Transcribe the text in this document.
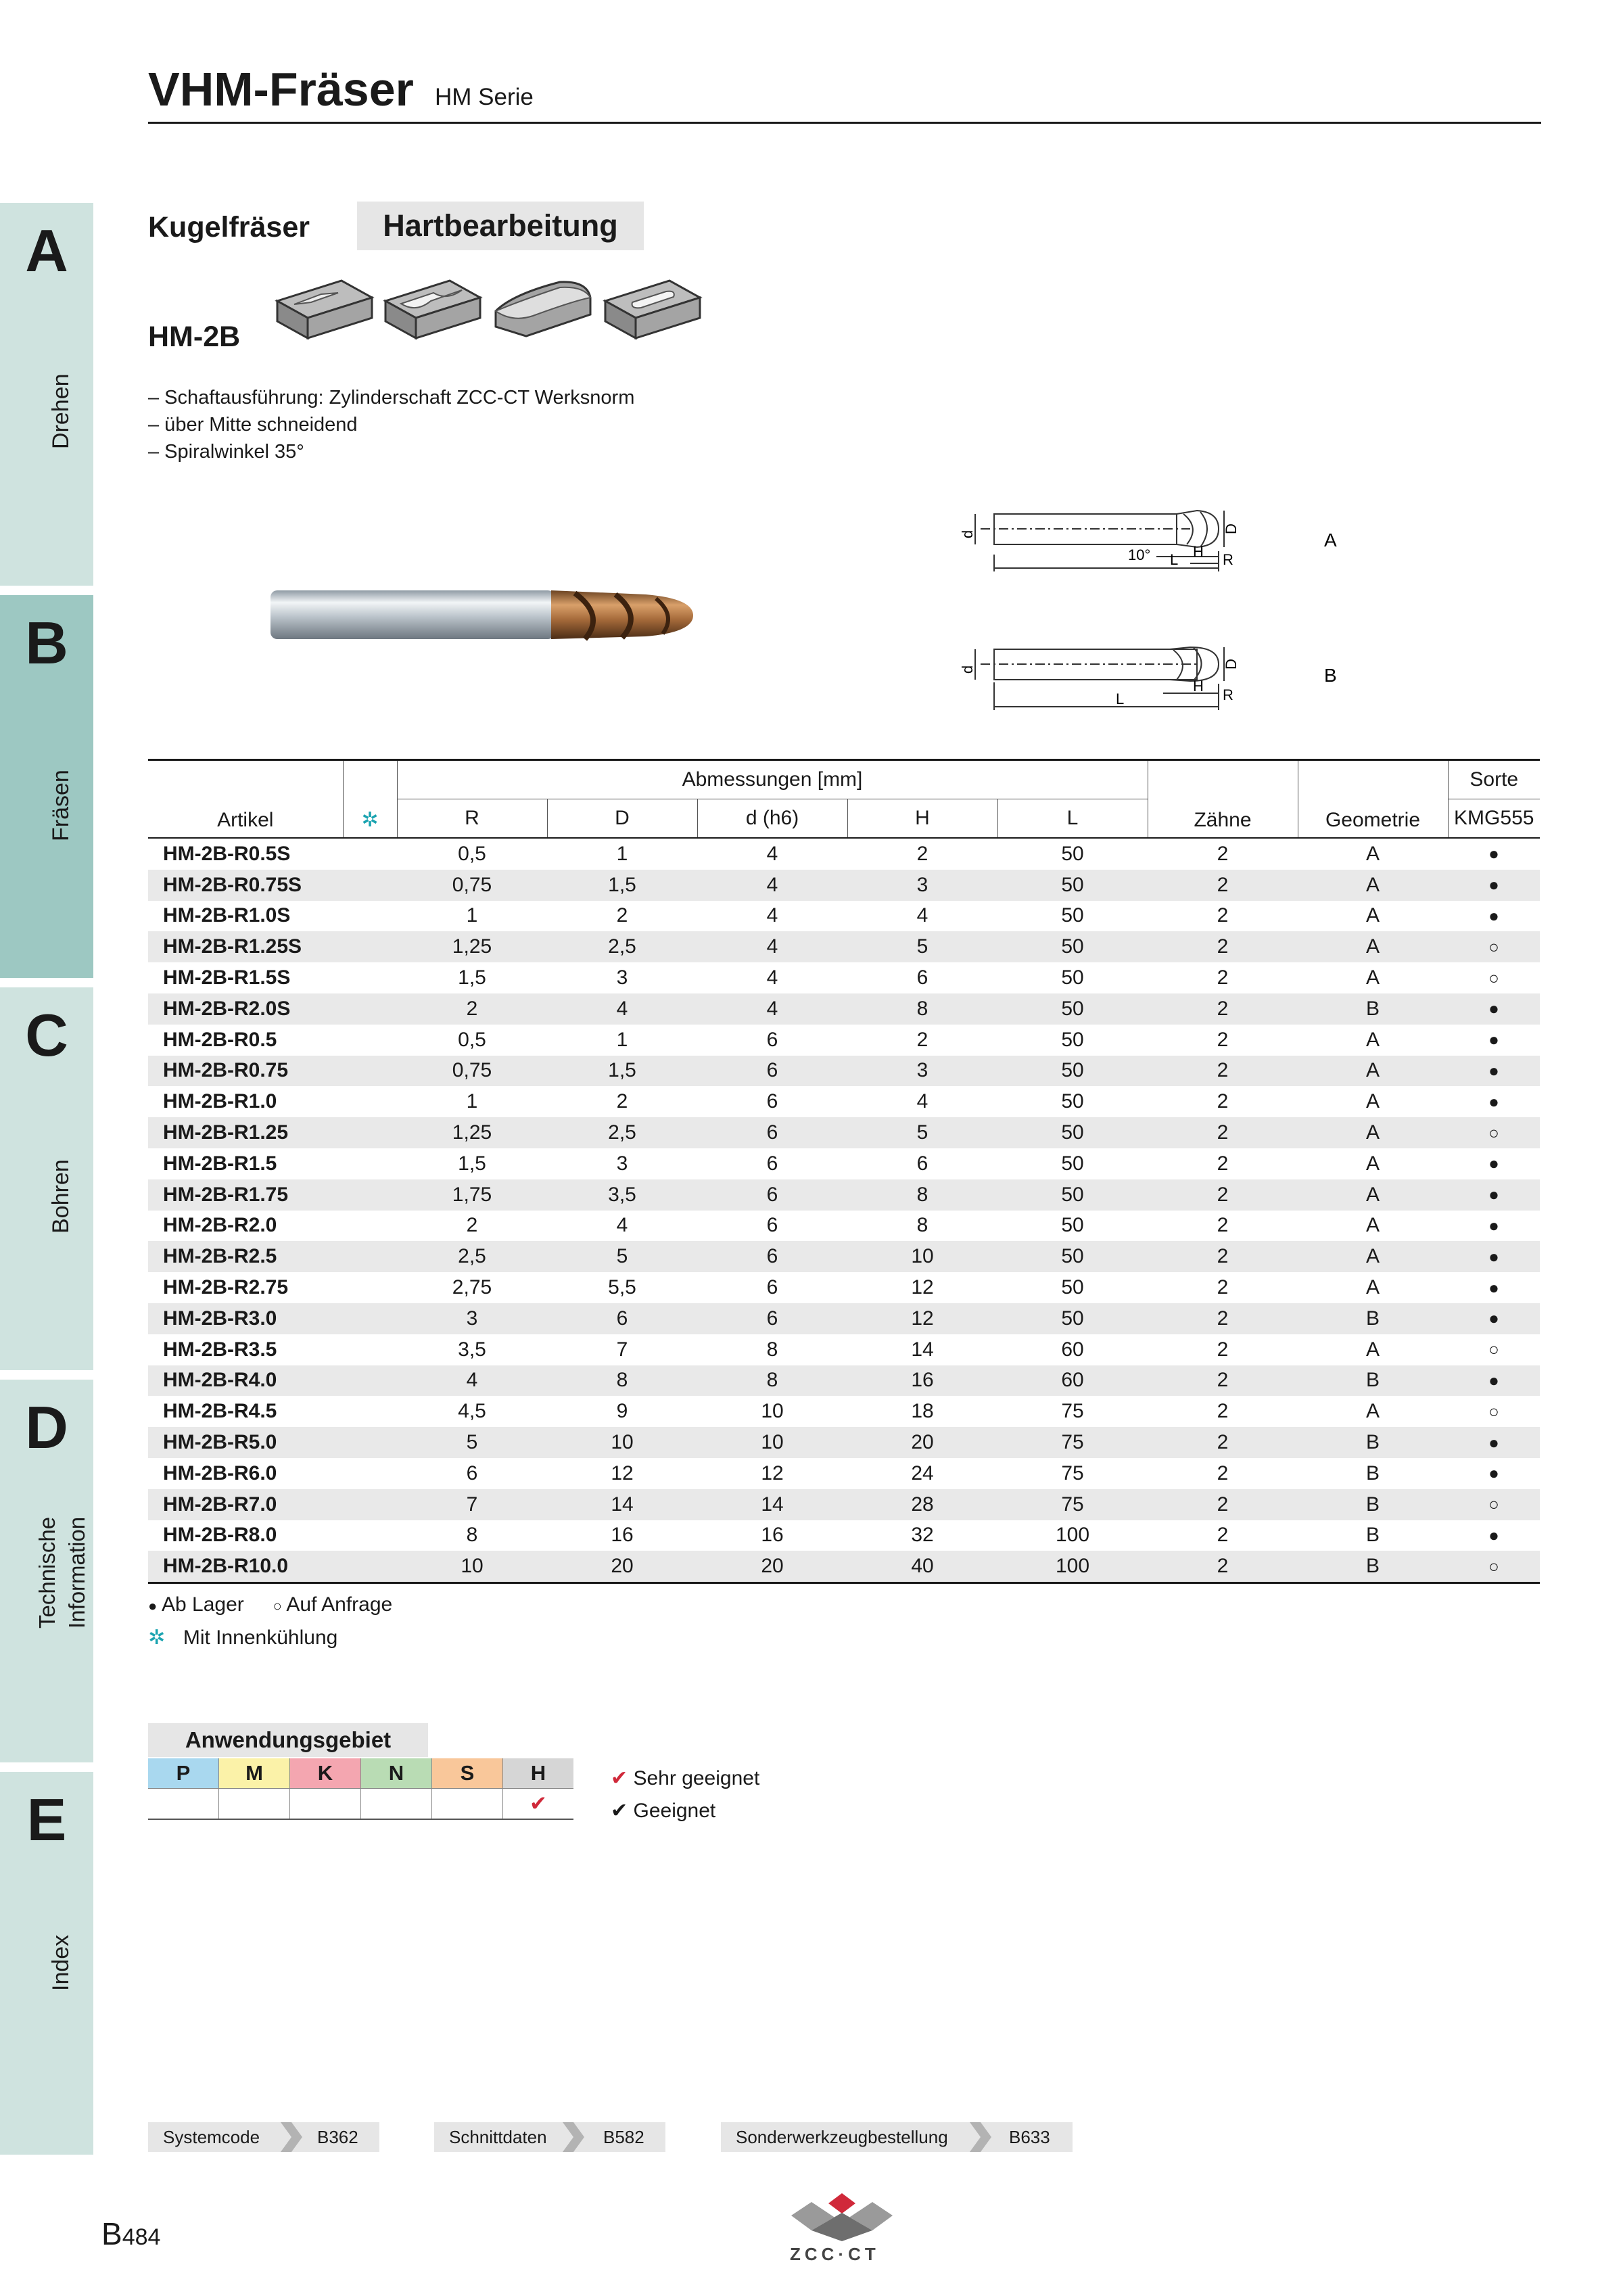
A
Drehen
B
Fräsen
C
Bohren
D
Technische Information
E
Index
VHM-Fräser HM Serie
Kugelfräser	Hartbearbeitung
HM-2B
– Schaftausführung: Zylinderschaft ZCC-CT Werksnorm
– über Mitte schneidend
– Spiralwinkel 35°
d
D
10° L H R
A
d
D
L
H
R
B
Artikel	✲	Abmessungen [mm]					Zähne	Geometrie	Sorte
		R	D	d (h6)	H	L			KMG555
HM-2B-R0.5S		0,5	1	4	2	50	2	A	●
HM-2B-R0.75S		0,75	1,5	4	3	50	2	A	●
HM-2B-R1.0S		1	2	4	4	50	2	A	●
HM-2B-R1.25S		1,25	2,5	4	5	50	2	A	○
HM-2B-R1.5S		1,5	3	4	6	50	2	A	○
HM-2B-R2.0S		2	4	4	8	50	2	B	●
HM-2B-R0.5		0,5	1	6	2	50	2	A	●
HM-2B-R0.75		0,75	1,5	6	3	50	2	A	●
HM-2B-R1.0		1	2	6	4	50	2	A	●
HM-2B-R1.25		1,25	2,5	6	5	50	2	A	○
HM-2B-R1.5		1,5	3	6	6	50	2	A	●
HM-2B-R1.75		1,75	3,5	6	8	50	2	A	●
HM-2B-R2.0		2	4	6	8	50	2	A	●
HM-2B-R2.5		2,5	5	6	10	50	2	A	●
HM-2B-R2.75		2,75	5,5	6	12	50	2	A	●
HM-2B-R3.0		3	6	6	12	50	2	B	●
HM-2B-R3.5		3,5	7	8	14	60	2	A	○
HM-2B-R4.0		4	8	8	16	60	2	B	●
HM-2B-R4.5		4,5	9	10	18	75	2	A	○
HM-2B-R5.0		5	10	10	20	75	2	B	●
HM-2B-R6.0		6	12	12	24	75	2	B	●
HM-2B-R7.0		7	14	14	28	75	2	B	○
HM-2B-R8.0		8	16	16	32	100	2	B	●
HM-2B-R10.0		10	20	20	40	100	2	B	○
● Ab Lager ○ Auf Anfrage
✲ Mit Innenkühlung
Anwendungsgebiet
P	M	K	N	S	H
					✔
✔ Sehr geeignet
✔ Geeignet
Systemcode	B362	Schnittdaten	B582	Sonderwerkzeugbestellung	B633
B484
ZCC·CT
